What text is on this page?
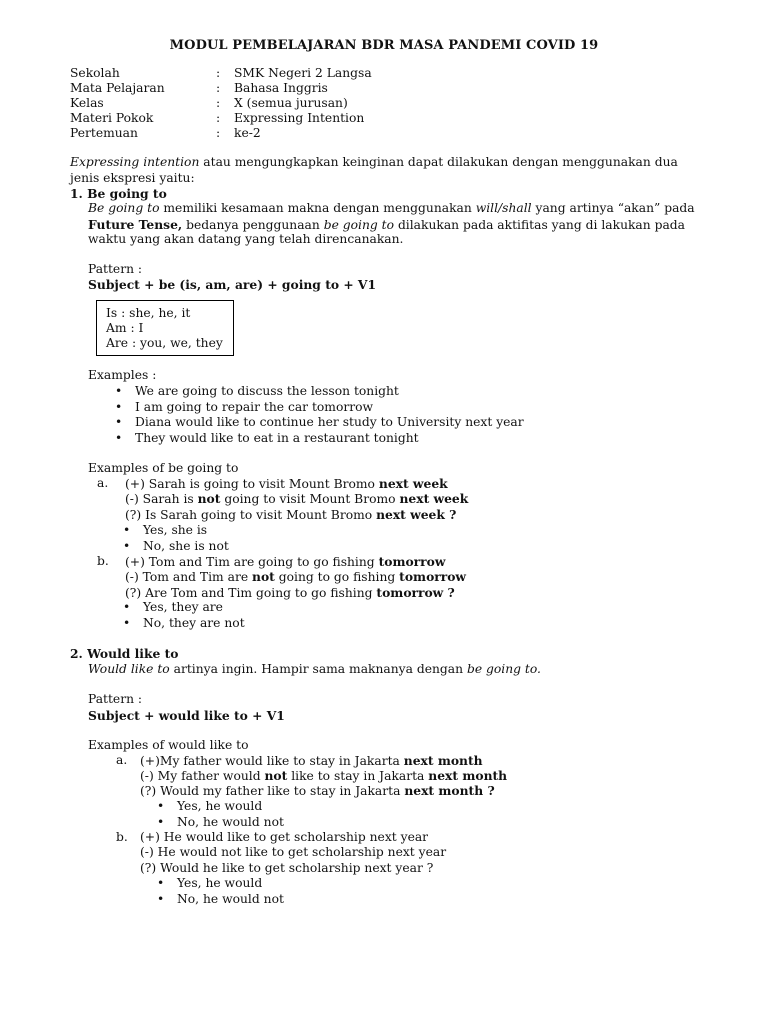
MODUL PEMBELAJARAN BDR MASA PANDEMI COVID 19
Sekolah	: SMK Negeri 2 Langsa
Mata Pelajaran	: Bahasa Inggris
Kelas	: X (semua jurusan)
Materi Pokok	: Expressing Intention
Pertemuan	: ke-2
Expressing intention atau mengungkapkan keinginan dapat dilakukan dengan menggunakan dua
jenis ekspresi yaitu:
1. Be going to
Be going to memiliki kesamaan makna dengan menggunakan will/shall yang artinya “akan” pada
Future Tense, bedanya penggunaan be going to dilakukan pada aktifitas yang di lakukan pada
waktu yang akan datang yang telah direncanakan.
Pattern :
Subject + be (is, am, are) + going to + V1
Is : she, he, it
Am : I
Are : you, we, they
Examples :
• We are going to discuss the lesson tonight
• I am going to repair the car tomorrow
• Diana would like to continue her study to University next year
• They would like to eat in a restaurant tonight
Examples of be going to
a. (+) Sarah is going to visit Mount Bromo next week
(-) Sarah is not going to visit Mount Bromo next week
(?) Is Sarah going to visit Mount Bromo next week ?
• Yes, she is
• No, she is not
b. (+) Tom and Tim are going to go fishing tomorrow
(-) Tom and Tim are not going to go fishing tomorrow
(?) Are Tom and Tim going to go fishing tomorrow ?
• Yes, they are
• No, they are not
2. Would like to
Would like to artinya ingin. Hampir sama maknanya dengan be going to.
Pattern :
Subject + would like to + V1
Examples of would like to
a. (+)My father would like to stay in Jakarta next month
(-) My father would not like to stay in Jakarta next month
(?) Would my father like to stay in Jakarta next month ?
• Yes, he would
• No, he would not
b. (+) He would like to get scholarship next year
(-) He would not like to get scholarship next year
(?) Would he like to get scholarship next year ?
• Yes, he would
• No, he would not
